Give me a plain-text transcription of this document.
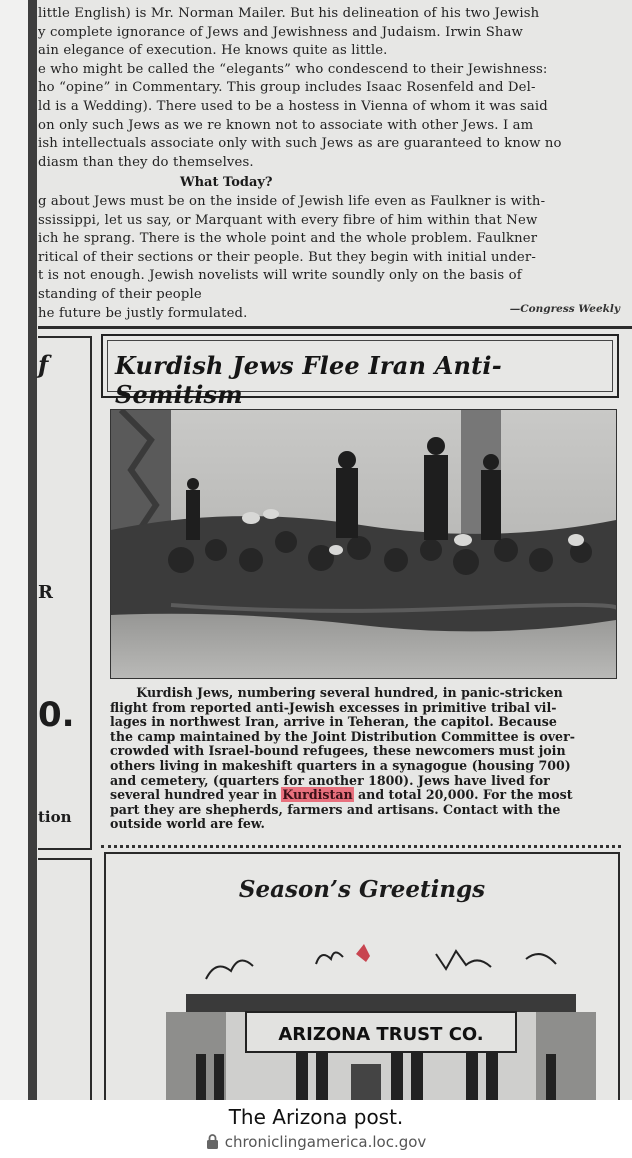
little English) is Mr. Norman Mailer. But his delineation of his two Jewish
y complete ignorance of Jews and Jewishness and Judaism. Irwin Shaw
ain elegance of execution. He knows quite as little.
e who might be called the “elegants” who condescend to their Jewishness:
ho “opine” in Commentary. This group includes Isaac Rosenfeld and Del-
ld is a Wedding). There used to be a hostess in Vienna of whom it was said
on only such Jews as we re known not to associate with other Jews. I am
ish intellectuals associate only with such Jews as are guaranteed to know no
diasm than they do themselves.
What Today?
g about Jews must be on the inside of Jewish life even as Faulkner is with-
ssissippi, let us say, or Marquant with every fibre of him within that New
ich he sprang. There is the whole point and the whole problem. Faulkner
ritical of their sections or their people. But they begin with initial under-
t is not enough. Jewish novelists will write soundly only on the basis of
standing of their people
he future be justly formulated.	—Congress Weekly
f
R
0.
tion
Kurdish Jews Flee Iran Anti-Semitism
Kurdish Jews, numbering several hundred, in panic-stricken
flight from reported anti-Jewish excesses in primitive tribal vil-
lages in northwest Iran, arrive in Teheran, the capitol. Because
the camp maintained by the Joint Distribution Committee is over-
crowded with Israel-bound refugees, these newcomers must join
others living in makeshift quarters in a synagogue (housing 700)
and cemetery, (quarters for another 1800). Jews have lived for
several hundred year in Kurdistan and total 20,000. For the most
part they are shepherds, farmers and artisans. Contact with the
outside world are few.
Season’s Greetings
ARIZONA TRUST CO.
The Arizona post.
chroniclingamerica.loc.gov
